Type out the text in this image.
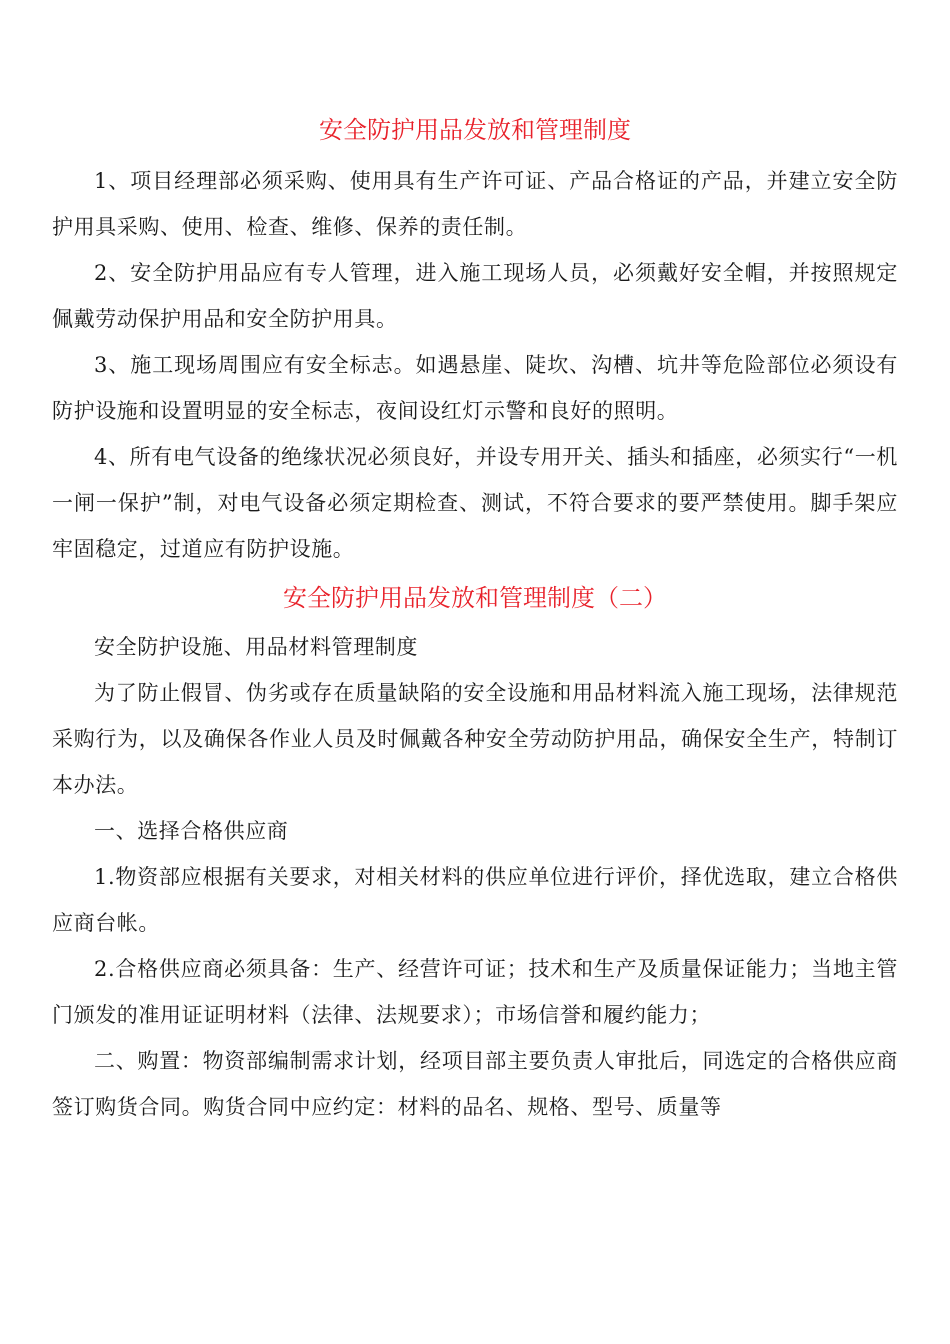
安全防护用品发放和管理制度

1、项目经理部必须采购、使用具有生产许可证、产品合格证的产品，并建立安全防护用具采购、使用、检查、维修、保养的责任制。

2、安全防护用品应有专人管理，进入施工现场人员，必须戴好安全帽，并按照规定佩戴劳动保护用品和安全防护用具。

3、施工现场周围应有安全标志。如遇悬崖、陡坎、沟槽、坑井等危险部位必须设有防护设施和设置明显的安全标志，夜间设红灯示警和良好的照明。

4、所有电气设备的绝缘状况必须良好，并设专用开关、插头和插座，必须实行“一机一闸一保护”制，对电气设备必须定期检查、测试，不符合要求的要严禁使用。脚手架应牢固稳定，过道应有防护设施。

安全防护用品发放和管理制度（二）

安全防护设施、用品材料管理制度

为了防止假冒、伪劣或存在质量缺陷的安全设施和用品材料流入施工现场，法律规范采购行为，以及确保各作业人员及时佩戴各种安全劳动防护用品，确保安全生产，特制订本办法。

一、选择合格供应商

1.物资部应根据有关要求，对相关材料的供应单位进行评价，择优选取，建立合格供应商台帐。

2.合格供应商必须具备：生产、经营许可证；技术和生产及质量保证能力；当地主管门颁发的准用证证明材料（法律、法规要求）；市场信誉和履约能力；

二、购置：物资部编制需求计划，经项目部主要负责人审批后，同选定的合格供应商签订购货合同。购货合同中应约定：材料的品名、规格、型号、质量等
